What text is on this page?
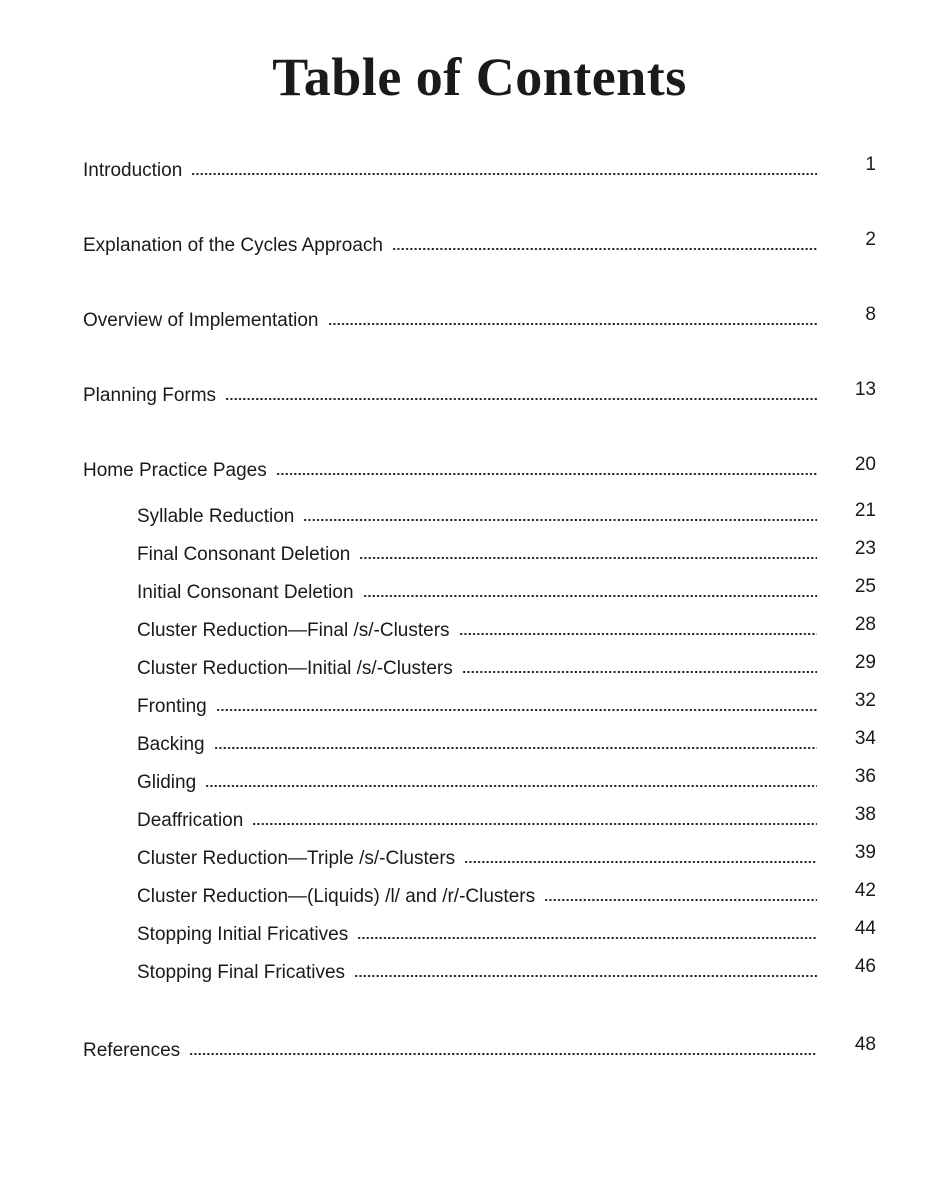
Table of Contents
Introduction	1
Explanation of the Cycles Approach	2
Overview of Implementation	8
Planning Forms	13
Home Practice Pages	20
Syllable Reduction	21
Final Consonant Deletion	23
Initial Consonant Deletion	25
Cluster Reduction—Final /s/-Clusters	28
Cluster Reduction—Initial /s/-Clusters	29
Fronting	32
Backing	34
Gliding	36
Deaffrication	38
Cluster Reduction—Triple /s/-Clusters	39
Cluster Reduction—(Liquids) /l/ and /r/-Clusters	42
Stopping Initial Fricatives	44
Stopping Final Fricatives	46
References	48
